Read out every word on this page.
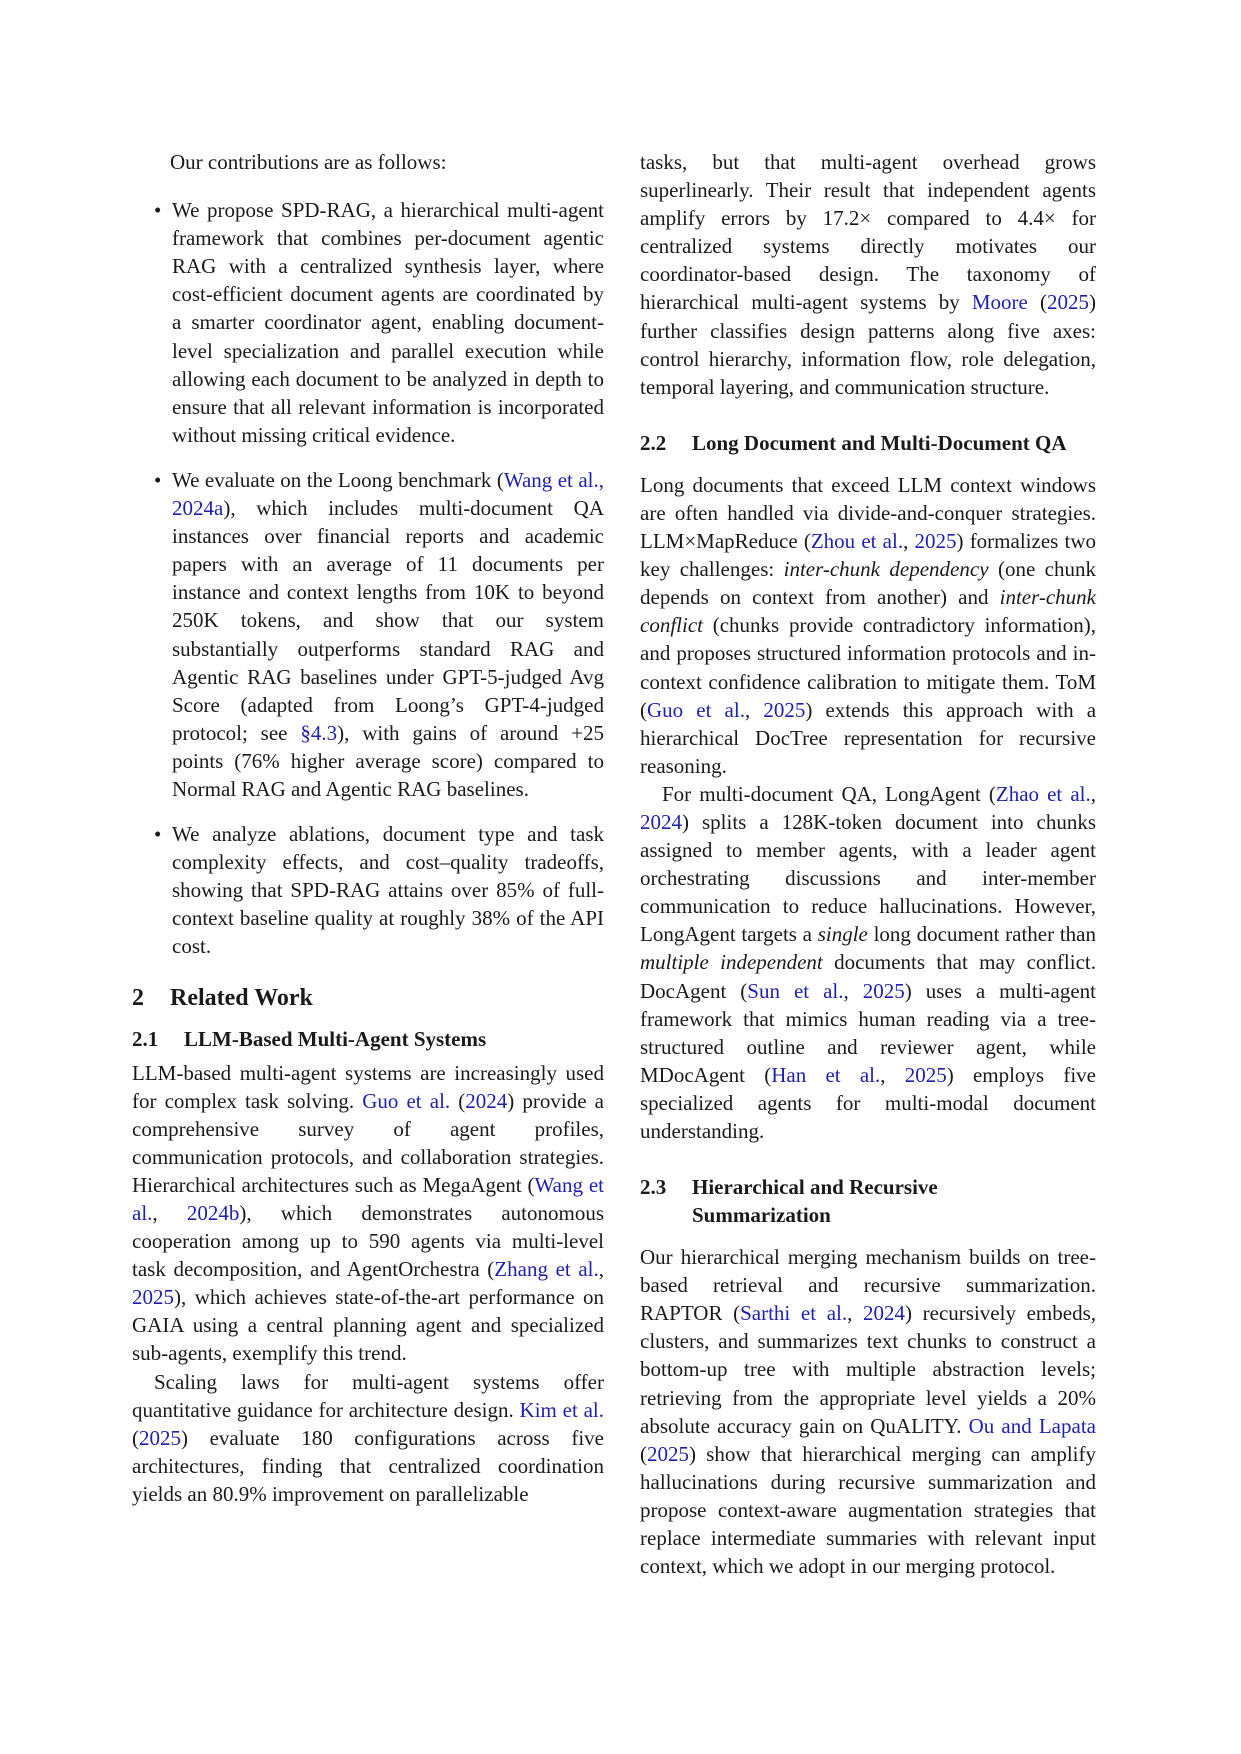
Our contributions are as follows:

• We propose SPD-RAG, a hierarchical multi-agent framework that combines per-document agentic RAG with a centralized synthesis layer, where cost-efficient document agents are coordinated by a smarter coordinator agent, enabling document-level specialization and parallel execution while allowing each document to be analyzed in depth to ensure that all relevant information is incorporated without missing critical evidence.
• We evaluate on the Loong benchmark (Wang et al., 2024a), which includes multi-document QA instances over financial reports and academic papers with an average of 11 documents per instance and context lengths from 10K to beyond 250K tokens, and show that our system substantially outperforms standard RAG and Agentic RAG baselines under GPT-5-judged Avg Score (adapted from Loong’s GPT-4-judged protocol; see §4.3), with gains of around +25 points (76% higher average score) compared to Normal RAG and Agentic RAG baselines.
• We analyze ablations, document type and task complexity effects, and cost–quality tradeoffs, showing that SPD-RAG attains over 85% of full-context baseline quality at roughly 38% of the API cost.
2 Related Work
2.1	LLM-Based Multi-Agent Systems

LLM-based multi-agent systems are increasingly used for complex task solving. Guo et al. (2024) provide a comprehensive survey of agent profiles, communication protocols, and collaboration strategies. Hierarchical architectures such as MegaAgent (Wang et al., 2024b), which demonstrates autonomous cooperation among up to 590 agents via multi-level task decomposition, and AgentOrchestra (Zhang et al., 2025), which achieves state-of-the-art performance on GAIA using a central planning agent and specialized sub-agents, exemplify this trend.

Scaling laws for multi-agent systems offer quantitative guidance for architecture design. Kim et al. (2025) evaluate 180 configurations across five architectures, finding that centralized coordination yields an 80.9% improvement on parallelizable

tasks, but that multi-agent overhead grows superlinearly. Their result that independent agents amplify errors by 17.2× compared to 4.4× for centralized systems directly motivates our coordinator-based design. The taxonomy of hierarchical multi-agent systems by Moore (2025) further classifies design patterns along five axes: control hierarchy, information flow, role delegation, temporal layering, and communication structure.

2.2	Long Document and Multi-Document QA

Long documents that exceed LLM context windows are often handled via divide-and-conquer strategies. LLM×MapReduce (Zhou et al., 2025) formalizes two key challenges: inter-chunk dependency (one chunk depends on context from another) and inter-chunk conflict (chunks provide contradictory information), and proposes structured information protocols and in-context confidence calibration to mitigate them. ToM (Guo et al., 2025) extends this approach with a hierarchical DocTree representation for recursive reasoning.

For multi-document QA, LongAgent (Zhao et al., 2024) splits a 128K-token document into chunks assigned to member agents, with a leader agent orchestrating discussions and inter-member communication to reduce hallucinations. However, LongAgent targets a single long document rather than multiple independent documents that may conflict. DocAgent (Sun et al., 2025) uses a multi-agent framework that mimics human reading via a tree-structured outline and reviewer agent, while MDocAgent (Han et al., 2025) employs five specialized agents for multi-modal document understanding.

2.3	Hierarchical and Recursive
Summarization

Our hierarchical merging mechanism builds on tree-based retrieval and recursive summarization. RAPTOR (Sarthi et al., 2024) recursively embeds, clusters, and summarizes text chunks to construct a bottom-up tree with multiple abstraction levels; retrieving from the appropriate level yields a 20% absolute accuracy gain on QuALITY. Ou and Lapata (2025) show that hierarchical merging can amplify hallucinations during recursive summarization and propose context-aware augmentation strategies that replace intermediate summaries with relevant input context, which we adopt in our merging protocol.
